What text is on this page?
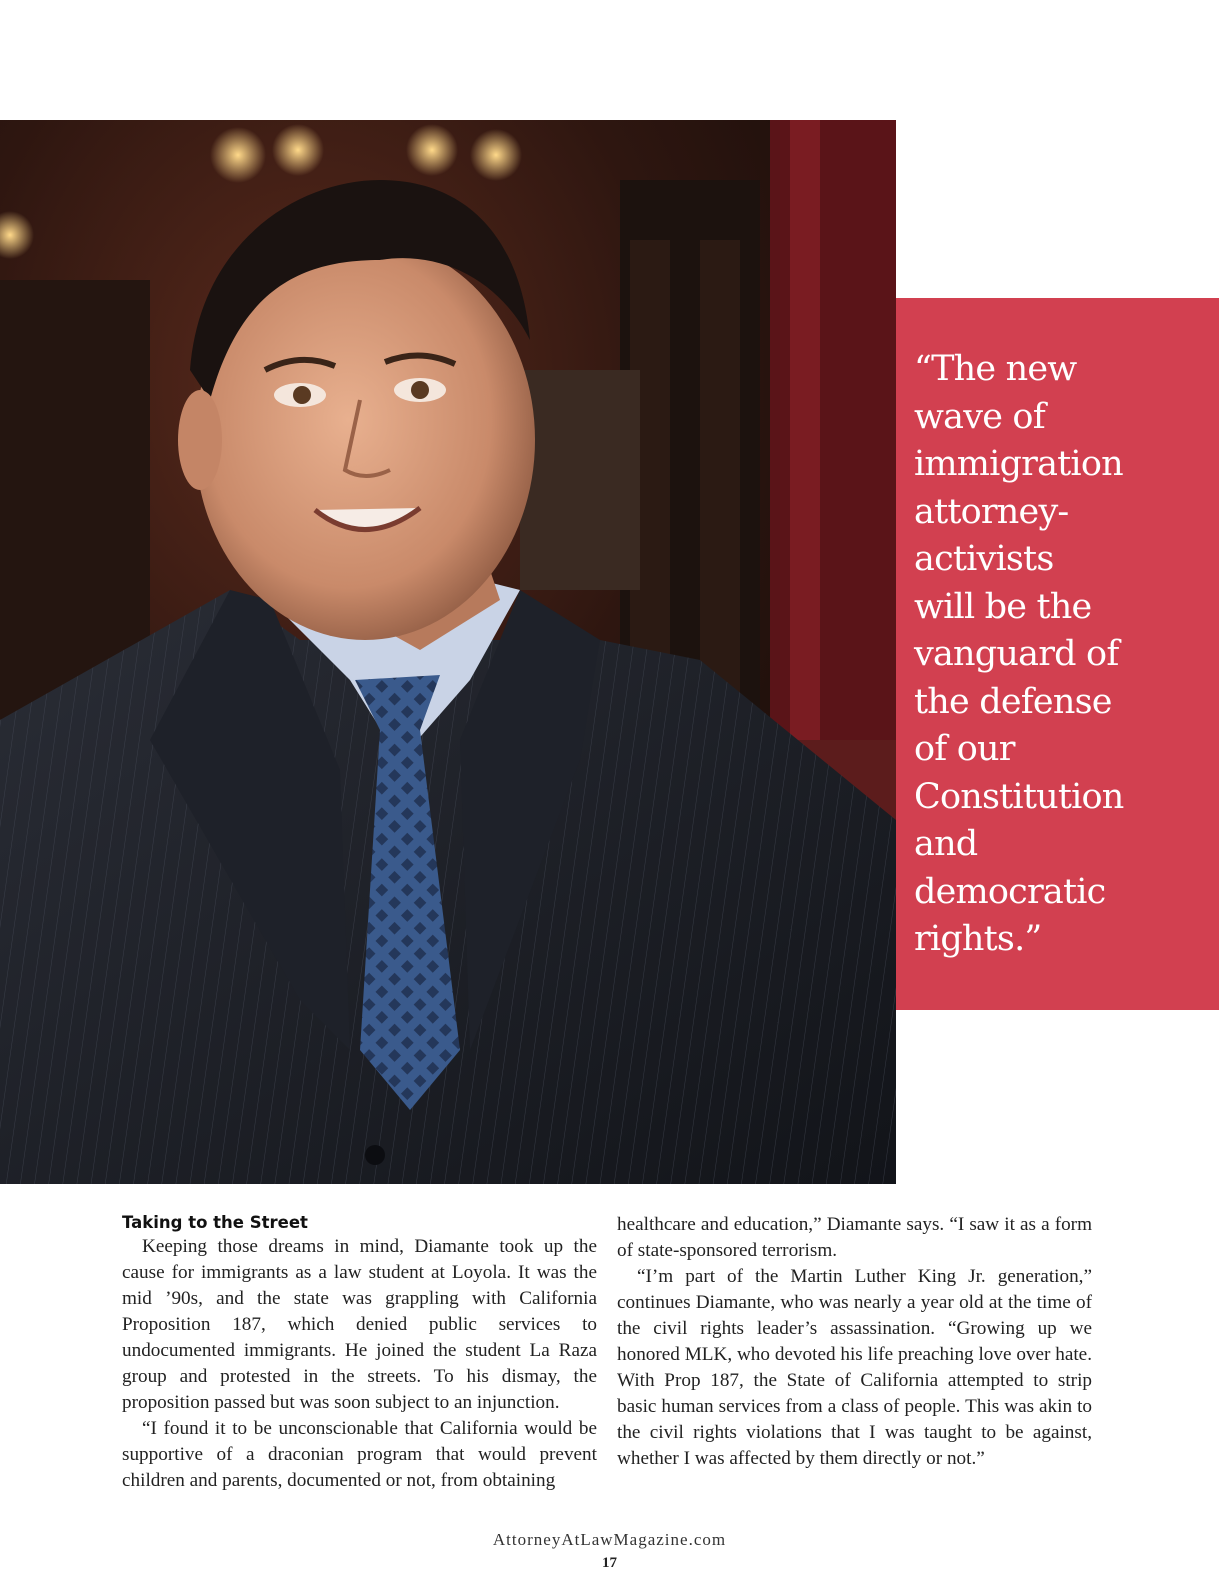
“The new
wave of
immigration
attorney-
activists
will be the
vanguard of
the defense
of our
Constitution
and
democratic
rights.”
Taking to the Street

Keeping those dreams in mind, Diamante took up the cause for immigrants as a law student at Loyola. It was the mid ’90s, and the state was grappling with California Proposition 187, which denied public services to undocumented immigrants. He joined the student La Raza group and protested in the streets. To his dismay, the proposition passed but was soon subject to an injunction.

“I found it to be unconscionable that California would be supportive of a draconian program that would prevent children and parents, documented or not, from obtaining

healthcare and education,” Diamante says. “I saw it as a form of state-sponsored terrorism.

“I’m part of the Martin Luther King Jr. generation,” continues Diamante, who was nearly a year old at the time of the civil rights leader’s assassination. “Growing up we honored MLK, who devoted his life preaching love over hate. With Prop 187, the State of California attempted to strip basic human services from a class of people. This was akin to the civil rights violations that I was taught to be against, whether I was affected by them directly or not.”

AttorneyAtLawMagazine.com
17
